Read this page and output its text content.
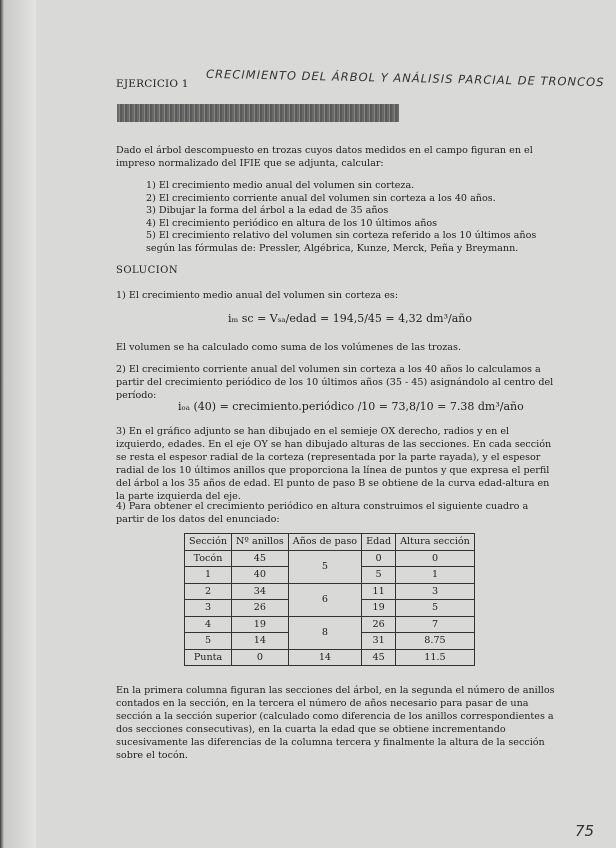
EJERCICIO 1 CRECIMIENTO DEL ÁRBOL Y ANÁLISIS PARCIAL DE TRONCOS
Dado el árbol descompuesto en trozas cuyos datos medidos en el campo figuran en el impreso normalizado del IFIE que se adjunta, calcular:
1) El crecimiento medio anual del volumen sin corteza.
2) El crecimiento corriente anual del volumen sin corteza a los 40 años.
3) Dibujar la forma del árbol a la edad de 35 años
4) El crecimiento periódico en altura de los 10 últimos años
5) El crecimiento relativo del volumen sin corteza referido a los 10 últimos años según las fórmulas de: Pressler, Algébrica, Kunze, Merck, Peña y Breymann.
SOLUCION
1) El crecimiento medio anual del volumen sin corteza es:
iₘ sc = Vₛₐ/edad = 194,5/45 = 4,32 dm³/año
El volumen se ha calculado como suma de los volúmenes de las trozas.
2) El crecimiento corriente anual del volumen sin corteza a los 40 años lo calculamos a partir del crecimiento periódico de los 10 últimos años (35 - 45) asignándolo al centro del período:
iₒₐ (40) = crecimiento.periódico /10 = 73,8/10 = 7.38 dm³/año
3) En el gráfico adjunto se han dibujado en el semieje OX derecho, radios y en el izquierdo, edades. En el eje OY se han dibujado alturas de las secciones. En cada sección se resta el espesor radial de la corteza (representada por la parte rayada), y el espesor radial de los 10 últimos anillos que proporciona la línea de puntos y que expresa el perfil del árbol a los 35 años de edad. El punto de paso B se obtiene de la curva edad-altura en la parte izquierda del eje.
4) Para obtener el crecimiento periódico en altura construimos el siguiente cuadro a partir de los datos del enunciado:
Sección	Nº anillos	Años de paso	Edad	Altura sección
Tocón	45	5	0	0
1	40		5	1
2	34	6	11	3
3	26		19	5
4	19	8	26	7
5	14		31	8.75
Punta	0	14	45	11.5
En la primera columna figuran las secciones del árbol, en la segunda el número de anillos contados en la sección, en la tercera el número de años necesario para pasar de una sección a la sección superior (calculado como diferencia de los anillos correspondientes a dos secciones consecutivas), en la cuarta la edad que se obtiene incrementando sucesivamente las diferencias de la columna tercera y finalmente la altura de la sección sobre el tocón.
75
